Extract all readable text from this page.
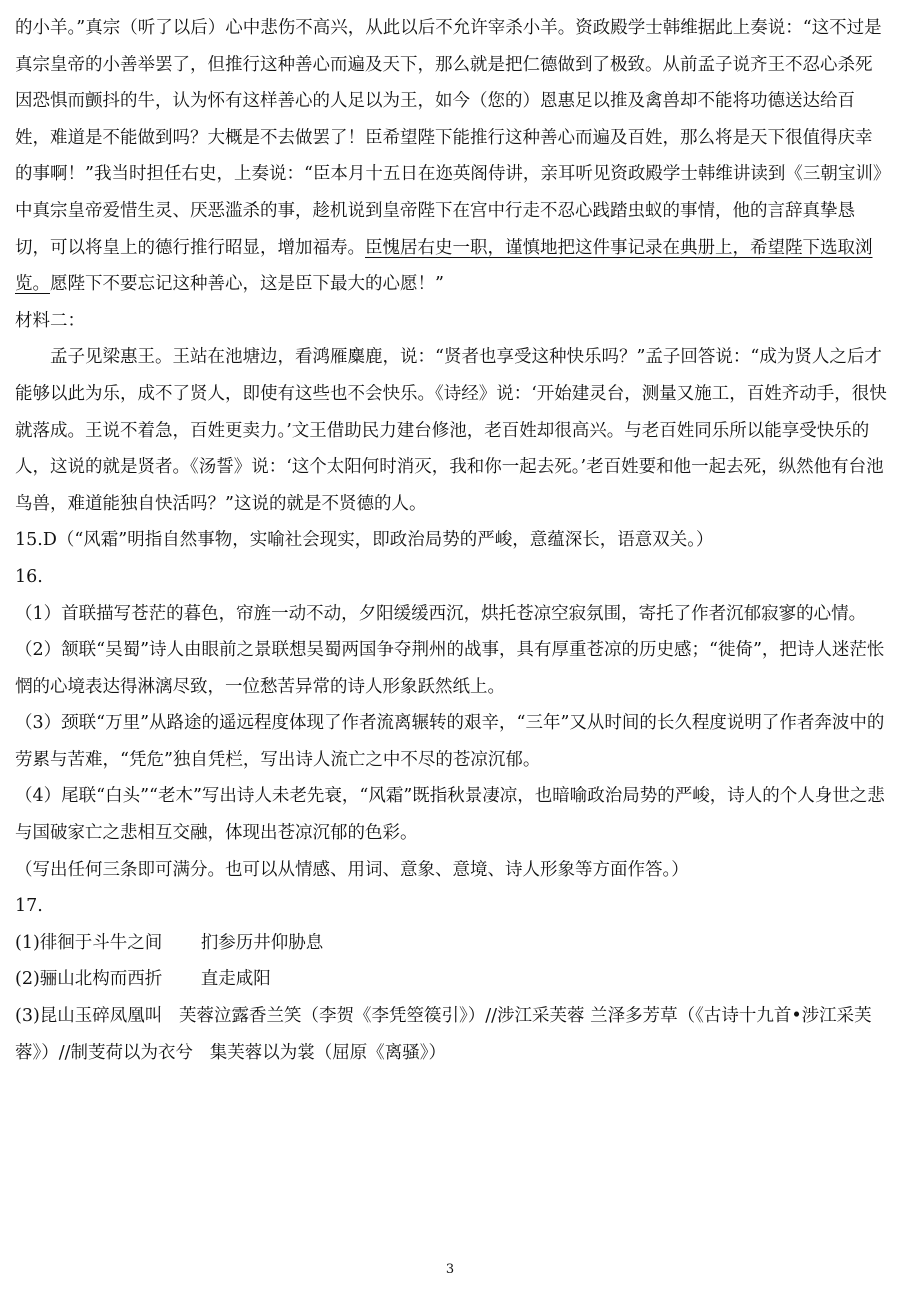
的小羊。”真宗（听了以后）心中悲伤不高兴，从此以后不允许宰杀小羊。资政殿学士韩维据此上奏说：“这不过是真宗皇帝的小善举罢了，但推行这种善心而遍及天下，那么就是把仁德做到了极致。从前孟子说齐王不忍心杀死因恐惧而颤抖的牛，认为怀有这样善心的人足以为王，如今（您的）恩惠足以推及禽兽却不能将功德送达给百姓，难道是不能做到吗？大概是不去做罢了！臣希望陛下能推行这种善心而遍及百姓，那么将是天下很值得庆幸的事啊！”我当时担任右史，上奏说：“臣本月十五日在迩英阁侍讲，亲耳听见资政殿学士韩维讲读到《三朝宝训》中真宗皇帝爱惜生灵、厌恶滥杀的事，趁机说到皇帝陛下在宫中行走不忍心践踏虫蚁的事情，他的言辞真挚恳切，可以将皇上的德行推行昭显，增加福寿。臣愧居右史一职，谨慎地把这件事记录在典册上，希望陛下选取浏览。愿陛下不要忘记这种善心，这是臣下最大的心愿！”

材料二：

孟子见梁惠王。王站在池塘边，看鸿雁麋鹿，说：“贤者也享受这种快乐吗？”孟子回答说：“成为贤人之后才能够以此为乐，成不了贤人，即使有这些也不会快乐。《诗经》说：‘开始建灵台，测量又施工，百姓齐动手，很快就落成。王说不着急，百姓更卖力。’文王借助民力建台修池，老百姓却很高兴。与老百姓同乐所以能享受快乐的人，这说的就是贤者。《汤誓》说：‘这个太阳何时消灭，我和你一起去死。’老百姓要和他一起去死，纵然他有台池鸟兽，难道能独自快活吗？”这说的就是不贤德的人。

15.D（“风霜”明指自然事物，实喻社会现实，即政治局势的严峻，意蕴深长，语意双关。）

16.

（1）首联描写苍茫的暮色，帘旌一动不动，夕阳缓缓西沉，烘托苍凉空寂氛围，寄托了作者沉郁寂寥的心情。

（2）颔联“吴蜀”诗人由眼前之景联想吴蜀两国争夺荆州的战事，具有厚重苍凉的历史感；“徙倚”，把诗人迷茫怅惘的心境表达得淋漓尽致，一位愁苦异常的诗人形象跃然纸上。

（3）颈联“万里”从路途的遥远程度体现了作者流离辗转的艰辛，“三年”又从时间的长久程度说明了作者奔波中的劳累与苦难，“凭危”独自凭栏，写出诗人流亡之中不尽的苍凉沉郁。

（4）尾联“白头”“老木”写出诗人未老先衰，“风霜”既指秋景凄凉，也暗喻政治局势的严峻，诗人的个人身世之悲与国破家亡之悲相互交融，体现出苍凉沉郁的色彩。

（写出任何三条即可满分。也可以从情感、用词、意象、意境、诗人形象等方面作答。）

17.

(1)徘徊于斗牛之间 扪参历井仰胁息

(2)骊山北构而西折 直走咸阳

(3)昆山玉碎凤凰叫 芙蓉泣露香兰笑（李贺《李凭箜篌引》）//涉江采芙蓉 兰泽多芳草（《古诗十九首•涉江采芙蓉》）//制芰荷以为衣兮 集芙蓉以为裳（屈原《离骚》）

3
